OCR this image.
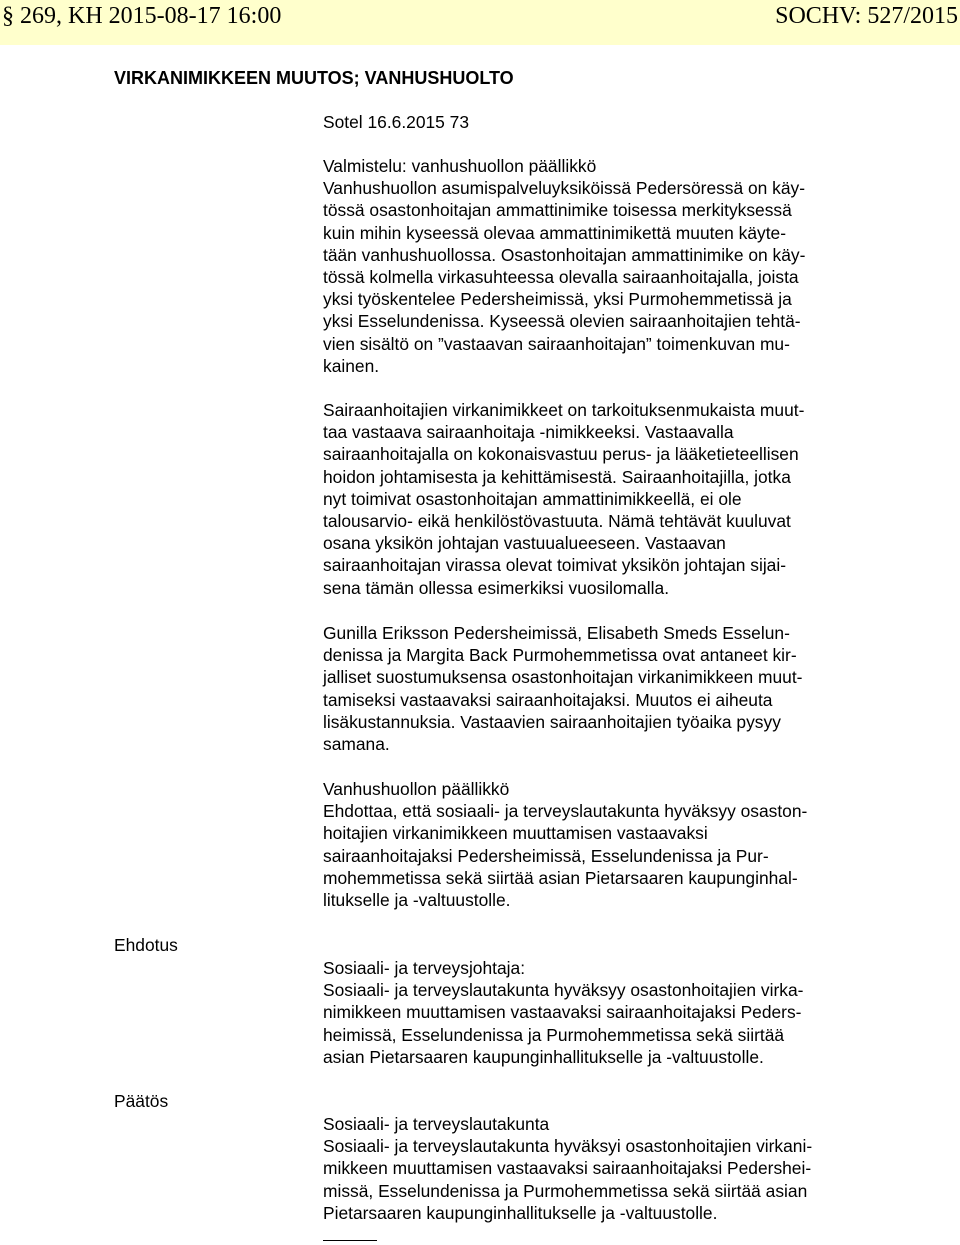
§ 269, KH 2015-08-17 16:00	SOCHV: 527/2015
VIRKANIMIKKEEN MUUTOS; VANHUSHUOLTO
Sotel 16.6.2015 73
Valmistelu: vanhushuollon päällikkö
Vanhushuollon asumispalveluyksiköissä Pedersöressä on käy-
tössä osastonhoitajan ammattinimike toisessa merkityksessä
kuin mihin kyseessä olevaa ammattinimikettä muuten käyte-
tään vanhushuollossa. Osastonhoitajan ammattinimike on käy-
tössä kolmella virkasuhteessa olevalla sairaanhoitajalla, joista
yksi työskentelee Pedersheimissä, yksi Purmohemmetissä ja
yksi Esselundenissa. Kyseessä olevien sairaanhoitajien tehtä-
vien sisältö on ”vastaavan sairaanhoitajan” toimenkuvan mu-
kainen.
Sairaanhoitajien virkanimikkeet on tarkoituksenmukaista muut-
taa vastaava sairaanhoitaja -nimikkeeksi. Vastaavalla
sairaanhoitajalla on kokonaisvastuu perus- ja lääketieteellisen
hoidon johtamisesta ja kehittämisestä. Sairaanhoitajilla, jotka
nyt toimivat osastonhoitajan ammattinimikkeellä, ei ole
talousarvio- eikä henkilöstövastuuta. Nämä tehtävät kuuluvat
osana yksikön johtajan vastuualueeseen. Vastaavan
sairaanhoitajan virassa olevat toimivat yksikön johtajan sijai-
sena tämän ollessa esimerkiksi vuosilomalla.
Gunilla Eriksson Pedersheimissä, Elisabeth Smeds Esselun-
denissa ja Margita Back Purmohemmetissa ovat antaneet kir-
jalliset suostumuksensa osastonhoitajan virkanimikkeen muut-
tamiseksi vastaavaksi sairaanhoitajaksi. Muutos ei aiheuta
lisäkustannuksia. Vastaavien sairaanhoitajien työaika pysyy
samana.
Vanhushuollon päällikkö
Ehdottaa, että sosiaali- ja terveyslautakunta hyväksyy osaston-
hoitajien virkanimikkeen muuttamisen vastaavaksi
sairaanhoitajaksi Pedersheimissä, Esselundenissa ja Pur-
mohemmetissa sekä siirtää asian Pietarsaaren kaupunginhal-
litukselle ja -valtuustolle.
Ehdotus
Sosiaali- ja terveysjohtaja:
Sosiaali- ja terveyslautakunta hyväksyy osastonhoitajien virka-
nimikkeen muuttamisen vastaavaksi sairaanhoitajaksi Peders-
heimissä, Esselundenissa ja Purmohemmetissa sekä siirtää
asian Pietarsaaren kaupunginhallitukselle ja -valtuustolle.
Päätös
Sosiaali- ja terveyslautakunta
Sosiaali- ja terveyslautakunta hyväksyi osastonhoitajien virkani-
mikkeen muuttamisen vastaavaksi sairaanhoitajaksi Pedershei-
missä, Esselundenissa ja Purmohemmetissa sekä siirtää asian
Pietarsaaren kaupunginhallitukselle ja -valtuustolle.
